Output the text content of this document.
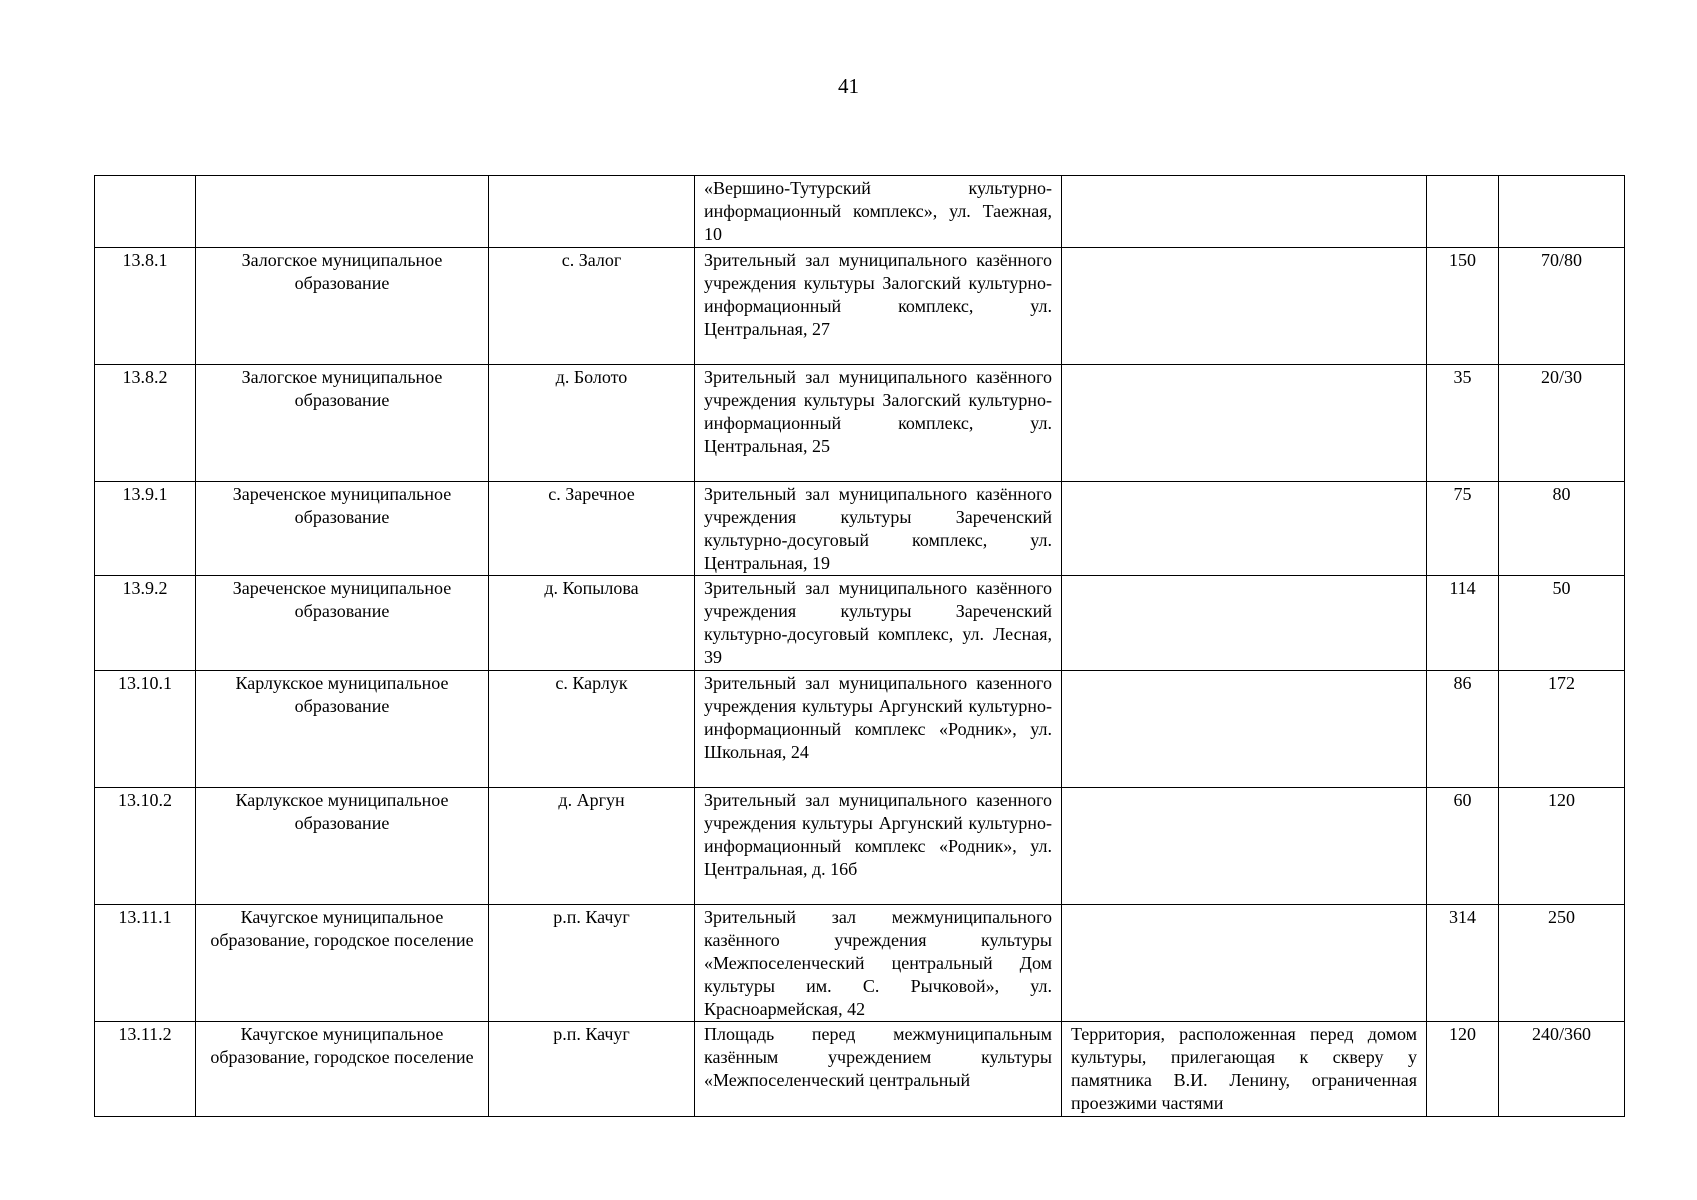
41
			«Вершино-Тутурский культурно-информационный комплекс», ул. Таежная, 10			
13.8.1	Залогское муниципальное образование	с. Залог	Зрительный зал муниципального казённого учреждения культуры Залогский культурно-информационный комплекс, ул. Центральная, 27		150	70/80
13.8.2	Залогское муниципальное образование	д. Болото	Зрительный зал муниципального казённого учреждения культуры Залогский культурно-информационный комплекс, ул. Центральная, 25		35	20/30
13.9.1	Зареченское муниципальное образование	с. Заречное	Зрительный зал муниципального казённого учреждения культуры Зареченский культурно-досуговый комплекс, ул. Центральная, 19		75	80
13.9.2	Зареченское муниципальное образование	д. Копылова	Зрительный зал муниципального казённого учреждения культуры Зареченский культурно-досуговый комплекс, ул. Лесная, 39		114	50
13.10.1	Карлукское муниципальное образование	с. Карлук	Зрительный зал муниципального казенного учреждения культуры Аргунский культурно-информационный комплекс «Родник», ул. Школьная, 24		86	172
13.10.2	Карлукское муниципальное образование	д. Аргун	Зрительный зал муниципального казенного учреждения культуры Аргунский культурно-информационный комплекс «Родник», ул. Центральная, д. 16б		60	120
13.11.1	Качугское муниципальное образование, городское поселение	р.п. Качуг	Зрительный зал межмуниципального казённого учреждения культуры «Межпоселенческий центральный Дом культуры им. С. Рычковой», ул. Красноармейская, 42		314	250
13.11.2	Качугское муниципальное образование, городское поселение	р.п. Качуг	Площадь перед межмуниципальным казённым учреждением культуры «Межпоселенческий центральный	Территория, расположенная перед домом культуры, прилегающая к скверу у памятника В.И. Ленину, ограниченная проезжими частями	120	240/360
